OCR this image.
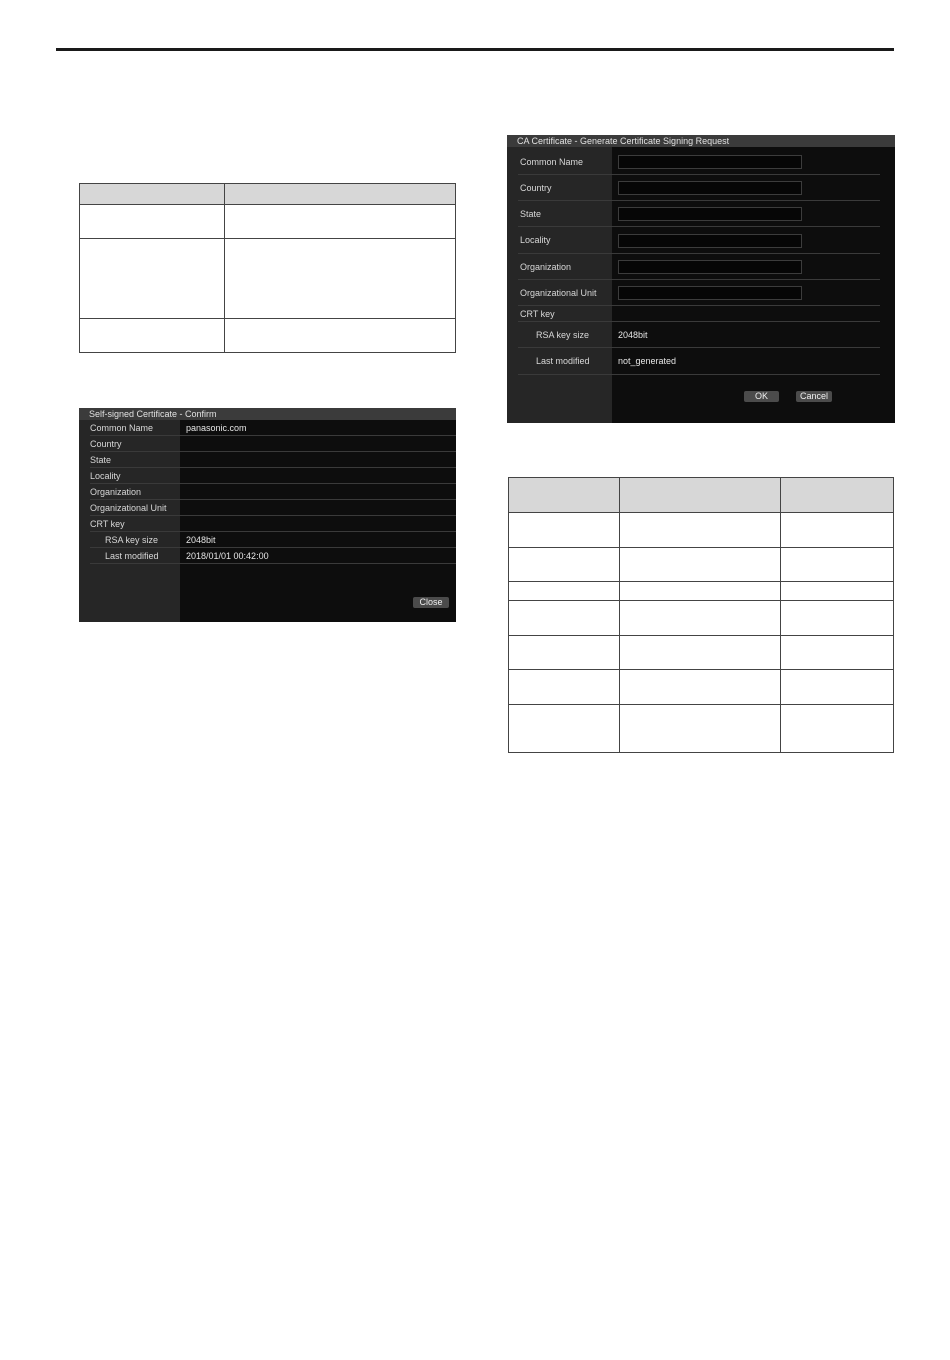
Self-signed Certificate - Confirm
Common Name	panasonic.com
Country
State
Locality
Organization
Organizational Unit
CRT key
RSA key size	2048bit
Last modified	2018/01/01 00:42:00
Close
CA Certificate - Generate Certificate Signing Request
Common Name
Country
State
Locality
Organization
Organizational Unit
CRT key
RSA key size	2048bit
Last modified	not_generated
OK	Cancel
